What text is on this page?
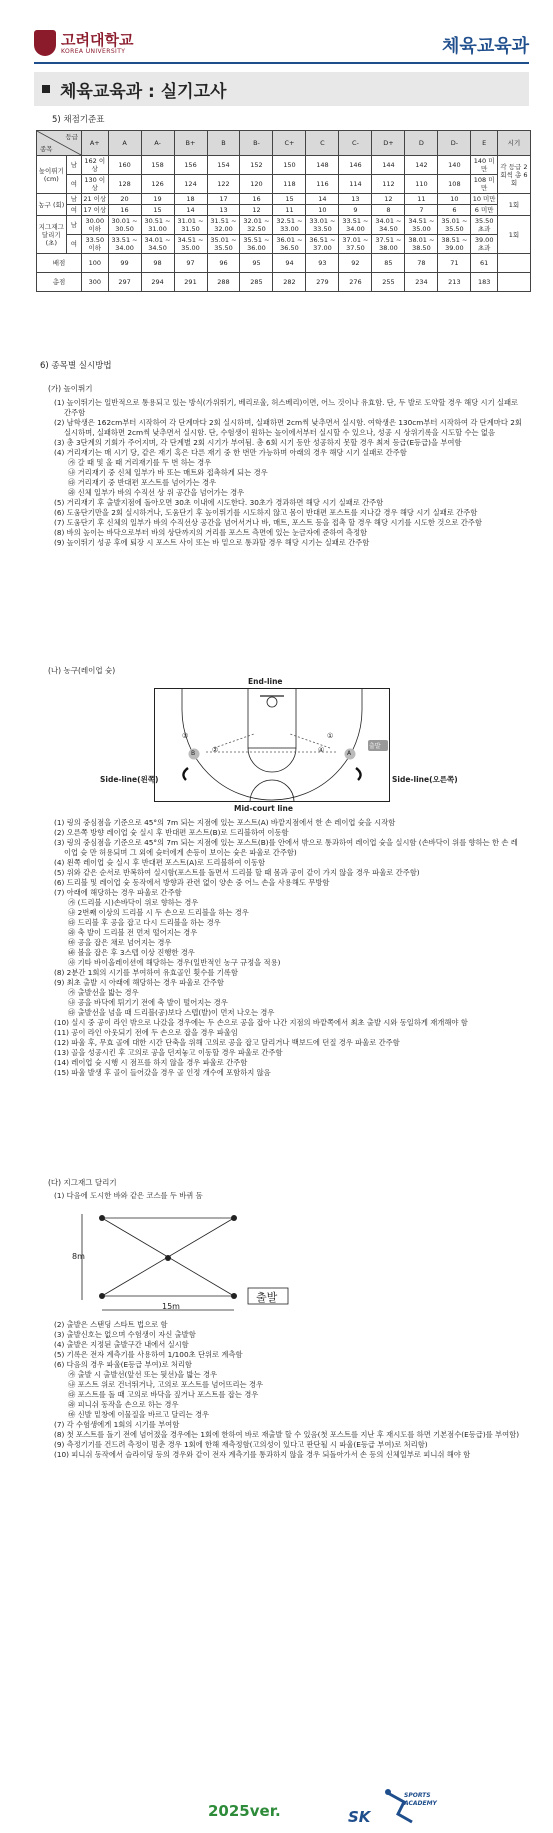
고려대학교
KOREA UNIVERSITY	체육교육과
체육교육과 : 실기고사
5) 채점기준표
등급
종목		A+	A	A-	B+	B	B-	C+	C	C-	D+	D	D-	E	시기
높이뛰기 (cm)	남	162 이상	160	158	156	154	152	150	148	146	144	142	140	140 미만	각 등급 2회씩 총 6회
	여	130 이상	128	126	124	122	120	118	116	114	112	110	108	108 미만	
농구 (회)	남	21 이상	20	19	18	17	16	15	14	13	12	11	10	10 미만	1회
	여	17 이상	16	15	14	13	12	11	10	9	8	7	6	6 미만	
지그재그 달리기 (초)	남	30.00 이하	30.01 ~ 30.50	30.51 ~ 31.00	31.01 ~ 31.50	31.51 ~ 32.00	32.01 ~ 32.50	32.51 ~ 33.00	33.01 ~ 33.50	33.51 ~ 34.00	34.01 ~ 34.50	34.51 ~ 35.00	35.01 ~ 35.50	35.50 초과	1회
	여	33.50 이하	33.51 ~ 34.00	34.01 ~ 34.50	34.51 ~ 35.00	35.01 ~ 35.50	35.51 ~ 36.00	36.01 ~ 36.50	36.51 ~ 37.00	37.01 ~ 37.50	37.51 ~ 38.00	38.01 ~ 38.50	38.51 ~ 39.00	39.00 초과	
배점		100	99	98	97	96	95	94	93	92	85	78	71	61	
총점		300	297	294	291	288	285	282	279	276	255	234	213	183	
6) 종목별 실시방법
(가) 높이뛰기

(1) 높이뛰기는 일반적으로 통용되고 있는 방식(가위뛰기, 베리로울, 허스베리)이면, 어느 것이나 유효함. 단, 두 발로 도약할 경우 해당 시기 실패로 간주함

(2) 남학생은 162cm부터 시작하여 각 단계마다 2회 실시하며, 실패하면 2cm씩 낮추면서 실시함. 여학생은 130cm부터 시작하여 각 단계마다 2회 실시하며, 실패하면 2cm씩 낮추면서 실시함. 단, 수험생이 원하는 높이에서부터 실시할 수 있으나, 성공 시 상위기록을 시도할 수는 없음

(3) 총 3단계의 기회가 주어지며, 각 단계별 2회 시기가 부여됨. 총 6회 시기 동안 성공하지 못할 경우 최저 등급(E등급)을 부여함

(4) 거리재기는 매 시기 당, 같은 재기 혹은 다른 재기 중 한 번만 가능하며 아래의 경우 해당 시기 실패로 간주함

㉮ 갈 때 및 올 때 거리재기를 두 번 하는 경우

㉯ 거리재기 중 신체 일부가 바 또는 매트와 접촉하게 되는 경우

㉰ 거리재기 중 반대편 포스트를 넘어가는 경우

㉱ 신체 일부가 바의 수직선 상 위 공간을 넘어가는 경우

(5) 거리재기 후 출발지점에 돌아오면 30초 이내에 시도한다. 30초가 경과하면 해당 시기 실패로 간주함

(6) 도움단기만을 2회 실시하거나, 도움단기 후 높이뛰기를 시도하지 않고 몸이 반대편 포스트를 지나갈 경우 해당 시기 실패로 간주함

(7) 도움단기 후 신체의 일부가 바의 수직선상 공간을 넘어서거나 바, 매트, 포스트 등을 접촉 할 경우 해당 시기를 시도한 것으로 간주함

(8) 바의 높이는 바닥으로부터 바의 상단까지의 거리를 포스트 측면에 있는 눈금자에 준하여 측정함

(9) 높이뛰기 성공 후에 퇴장 시 포스트 사이 또는 바 밑으로 통과할 경우 해당 시기는 실패로 간주함

(나) 농구(레이업 슛)
End-line
B	A
①
②
③
④	출발
Side-line(왼쪽)	Side-line(오른쪽)
Mid-court line

(1) 링의 중심점을 기준으로 45°의 7m 되는 지점에 있는 포스트(A) 바깥지점에서 한 손 레이업 슛을 시작함

(2) 오른쪽 방향 레이업 슛 실시 후 반대편 포스트(B)로 드리블하여 이동함

(3) 링의 중심점을 기준으로 45°의 7m 되는 지점에 있는 포스트(B)를 안에서 밖으로 통과하여 레이업 슛을 실시함 (손바닥이 위를 향하는 한 손 레이업 슛 만 허용되며 그 외에 슛터에게 손등이 보이는 슛은 파울로 간주함)

(4) 왼쪽 레이업 슛 실시 후 반대편 포스트(A)로 드리블하여 이동함

(5) 위와 같은 순서로 반복하여 실시함(포스트를 돌면서 드리블 할 때 몸과 공이 같이 가지 않을 경우 파울로 간주함)

(6) 드리블 및 레이업 슛 동작에서 방향과 관련 없이 양손 중 어느 손을 사용해도 무방함

(7) 아래에 해당하는 경우 파울로 간주함

㉮ (드리블 시)손바닥이 위로 향하는 경우

㉯ 2번째 이상의 드리블 시 두 손으로 드리블을 하는 경우

㉰ 드리블 후 공을 잡고 다시 드리블을 하는 경우

㉱ 축 발이 드리블 전 먼저 떨어지는 경우

㉲ 공을 잡은 채로 넘어지는 경우

㉳ 볼을 잡은 후 3스텝 이상 진행한 경우

㉴ 기타 바이올레이션에 해당하는 경우(일반적인 농구 규정을 적용)

(8) 2분간 1회의 시기를 부여하여 유효골인 횟수를 기록함

(9) 최초 출발 시 아래에 해당하는 경우 파울로 간주함

㉮ 출발선을 밟는 경우

㉯ 공을 바닥에 튀기기 전에 축 발이 떨어지는 경우

㉰ 출발선을 넘을 때 드리블(공)보다 스텝(발)이 먼저 나오는 경우

(10) 실시 중 공이 라인 밖으로 나갔을 경우에는 두 손으로 공을 잡아 나간 지점의 바깥쪽에서 최초 출발 시와 동일하게 재개해야 함

(11) 공이 라인 아웃되기 전에 두 손으로 잡을 경우 파울임

(12) 파울 후, 무효 골에 대한 시간 단축을 위해 고의로 공을 잡고 달리거나 백보드에 던질 경우 파울로 간주함

(13) 골을 성공시킨 후 고의로 공을 던져놓고 이동할 경우 파울로 간주함

(14) 레이업 슛 시행 시 점프를 하지 않을 경우 파울로 간주함

(15) 파울 발생 후 골이 들어갔을 경우 골 인정 개수에 포함하지 않음

(다) 지그재그 달리기
(1) 다음에 도시한 바와 같은 코스를 두 바퀴 돔
8m
15m
출발

(2) 출발은 스탠딩 스타트 법으로 함

(3) 출발신호는 없으며 수험생이 자신 출발함

(4) 출발은 지정된 출발구간 내에서 실시함

(5) 기록은 전자 계측기를 사용하여 1/100초 단위로 계측함

(6) 다음의 경우 파울(E등급 부여)로 처리함

㉮ 출발 시 출발선(앞선 또는 뒷선)을 밟는 경우

㉯ 포스트 위로 건너뛰거나, 고의로 포스트를 넘어뜨리는 경우

㉰ 포스트를 돌 때 고의로 바닥을 짚거나 포스트를 잡는 경우

㉱ 피니쉬 동작을 손으로 하는 경우

㉲ 신발 밑창에 이물질을 바르고 달리는 경우

(7) 각 수험생에게 1회의 시기를 부여함

(8) 첫 포스트를 돌기 전에 넘어졌을 경우에는 1회에 한하여 바로 재출발 할 수 있음(첫 포스트를 지난 후 재시도를 하면 기본점수(E등급)를 부여함)

(9) 측정기기를 건드려 측정이 멈춘 경우 1회에 한해 재측정함(고의성이 있다고 판단될 시 파울(E등급 부여)로 처리함)

(10) 피니쉬 동작에서 슬라이딩 등의 경우와 같이 전자 계측기를 통과하지 않을 경우 되돌아가서 손 등의 신체일부로 피니쉬 해야 함

2025ver.	SK
SPORTS
ACADEMY
